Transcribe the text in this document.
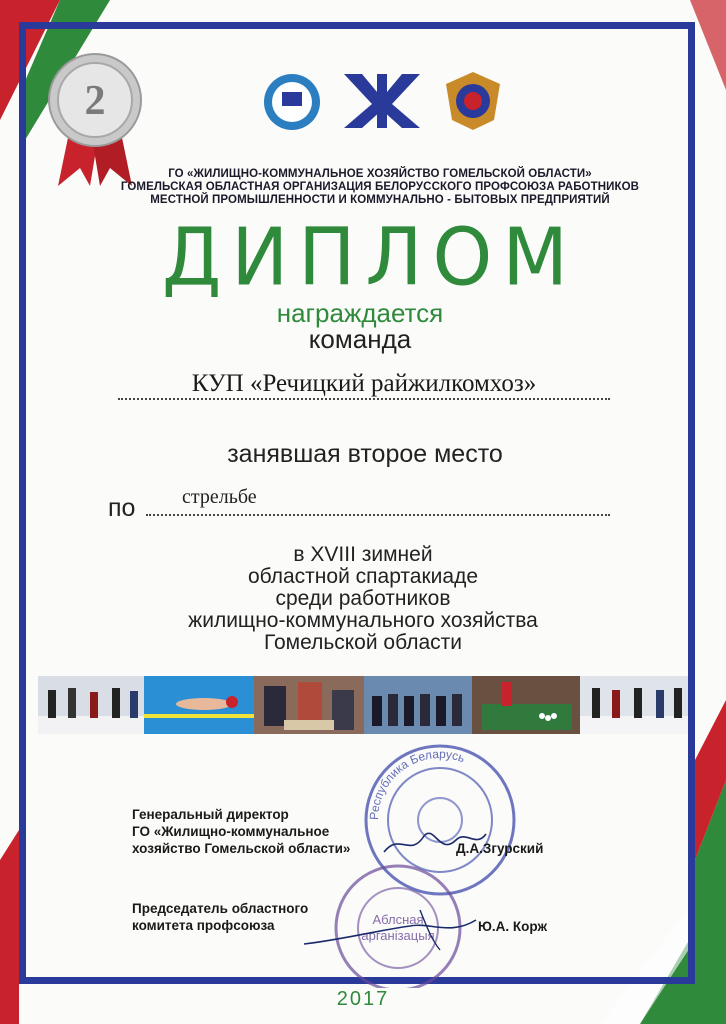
2
ГО «ЖИЛИЩНО-КОММУНАЛЬНОЕ ХОЗЯЙСТВО ГОМЕЛЬСКОЙ ОБЛАСТИ»
ГОМЕЛЬСКАЯ ОБЛАСТНАЯ ОРГАНИЗАЦИЯ БЕЛОРУССКОГО ПРОФСОЮЗА РАБОТНИКОВ
МЕСТНОЙ ПРОМЫШЛЕННОСТИ И КОММУНАЛЬНО - БЫТОВЫХ ПРЕДПРИЯТИЙ
ДИПЛОМ
награждается
команда
КУП «Речицкий райжилкомхоз»
занявшая второе место
по стрельбе
в XVIII зимней
областной спартакиаде
среди работников
жилищно-коммунального хозяйства
Гомельской области
Республика Беларусь
Аблсная
арганізацыя
Генеральный директор
ГО «Жилищно-коммунальное
хозяйство Гомельской области»	Д.А.Згурский
Председатель областного
комитета профсоюза	Ю.А. Корж
2017
